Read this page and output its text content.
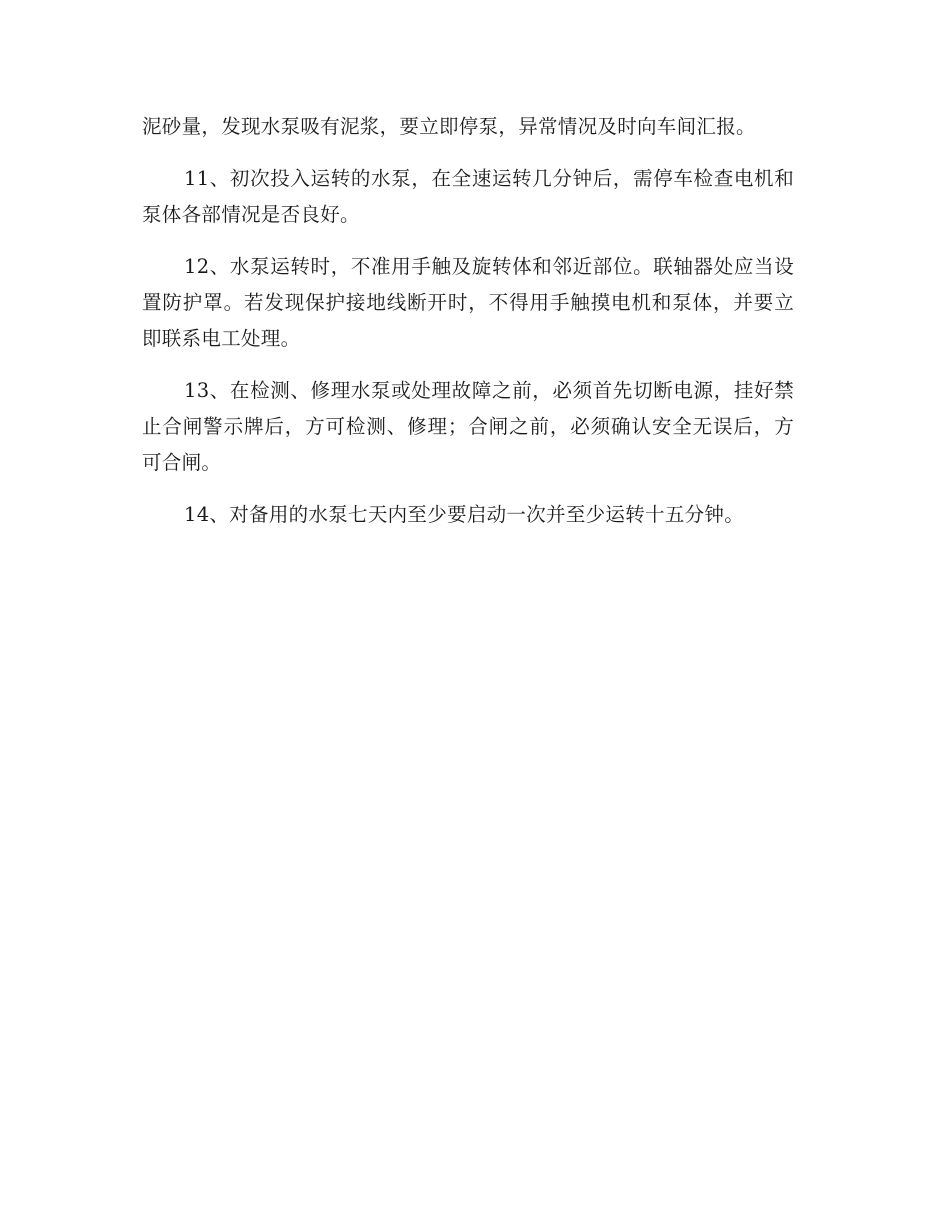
泥砂量，发现水泵吸有泥浆，要立即停泵，异常情况及时向车间汇报。

11、初次投入运转的水泵，在全速运转几分钟后，需停车检查电机和泵体各部情况是否良好。

12、水泵运转时，不准用手触及旋转体和邻近部位。联轴器处应当设置防护罩。若发现保护接地线断开时，不得用手触摸电机和泵体，并要立即联系电工处理。

13、在检测、修理水泵或处理故障之前，必须首先切断电源，挂好禁止合闸警示牌后，方可检测、修理；合闸之前，必须确认安全无误后，方可合闸。

14、对备用的水泵七天内至少要启动一次并至少运转十五分钟。
